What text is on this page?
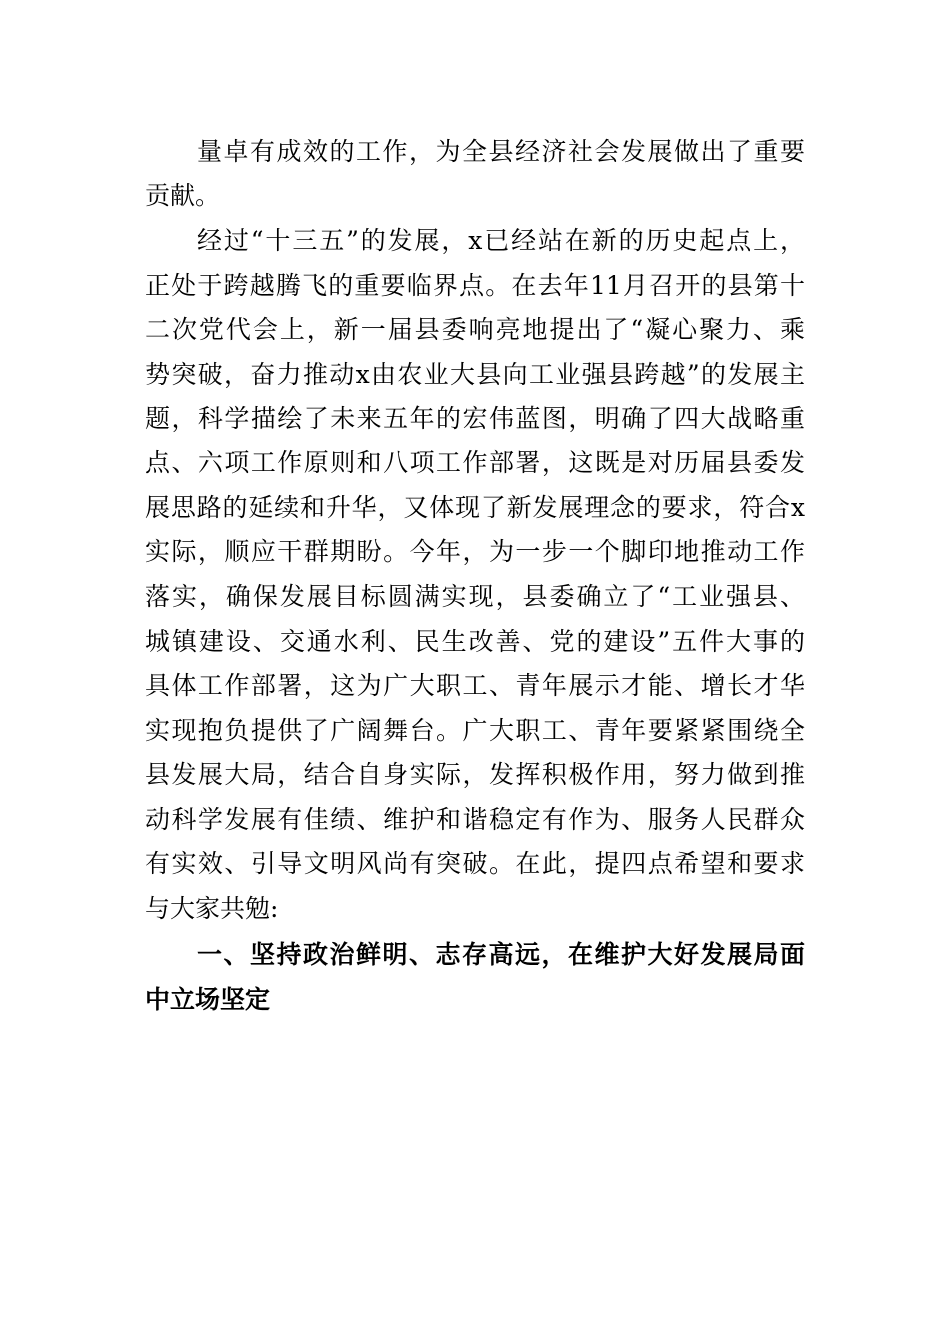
量卓有成效的工作，为全县经济社会发展做出了重要
贡献。
经过“十三五”的发展，x已经站在新的历史起点上，
正处于跨越腾飞的重要临界点。在去年11月召开的县第十
二次党代会上，新一届县委响亮地提出了“凝心聚力、乘
势突破，奋力推动x由农业大县向工业强县跨越”的发展主
题，科学描绘了未来五年的宏伟蓝图，明确了四大战略重
点、六项工作原则和八项工作部署，这既是对历届县委发
展思路的延续和升华，又体现了新发展理念的要求，符合x
实际，顺应干群期盼。今年，为一步一个脚印地推动工作
落实，确保发展目标圆满实现，县委确立了“工业强县、
城镇建设、交通水利、民生改善、党的建设”五件大事的
具体工作部署，这为广大职工、青年展示才能、增长才华
实现抱负提供了广阔舞台。广大职工、青年要紧紧围绕全
县发展大局，结合自身实际，发挥积极作用，努力做到推
动科学发展有佳绩、维护和谐稳定有作为、服务人民群众
有实效、引导文明风尚有突破。在此，提四点希望和要求
与大家共勉:
一、坚持政治鲜明、志存高远，在维护大好发展局面
中立场坚定
